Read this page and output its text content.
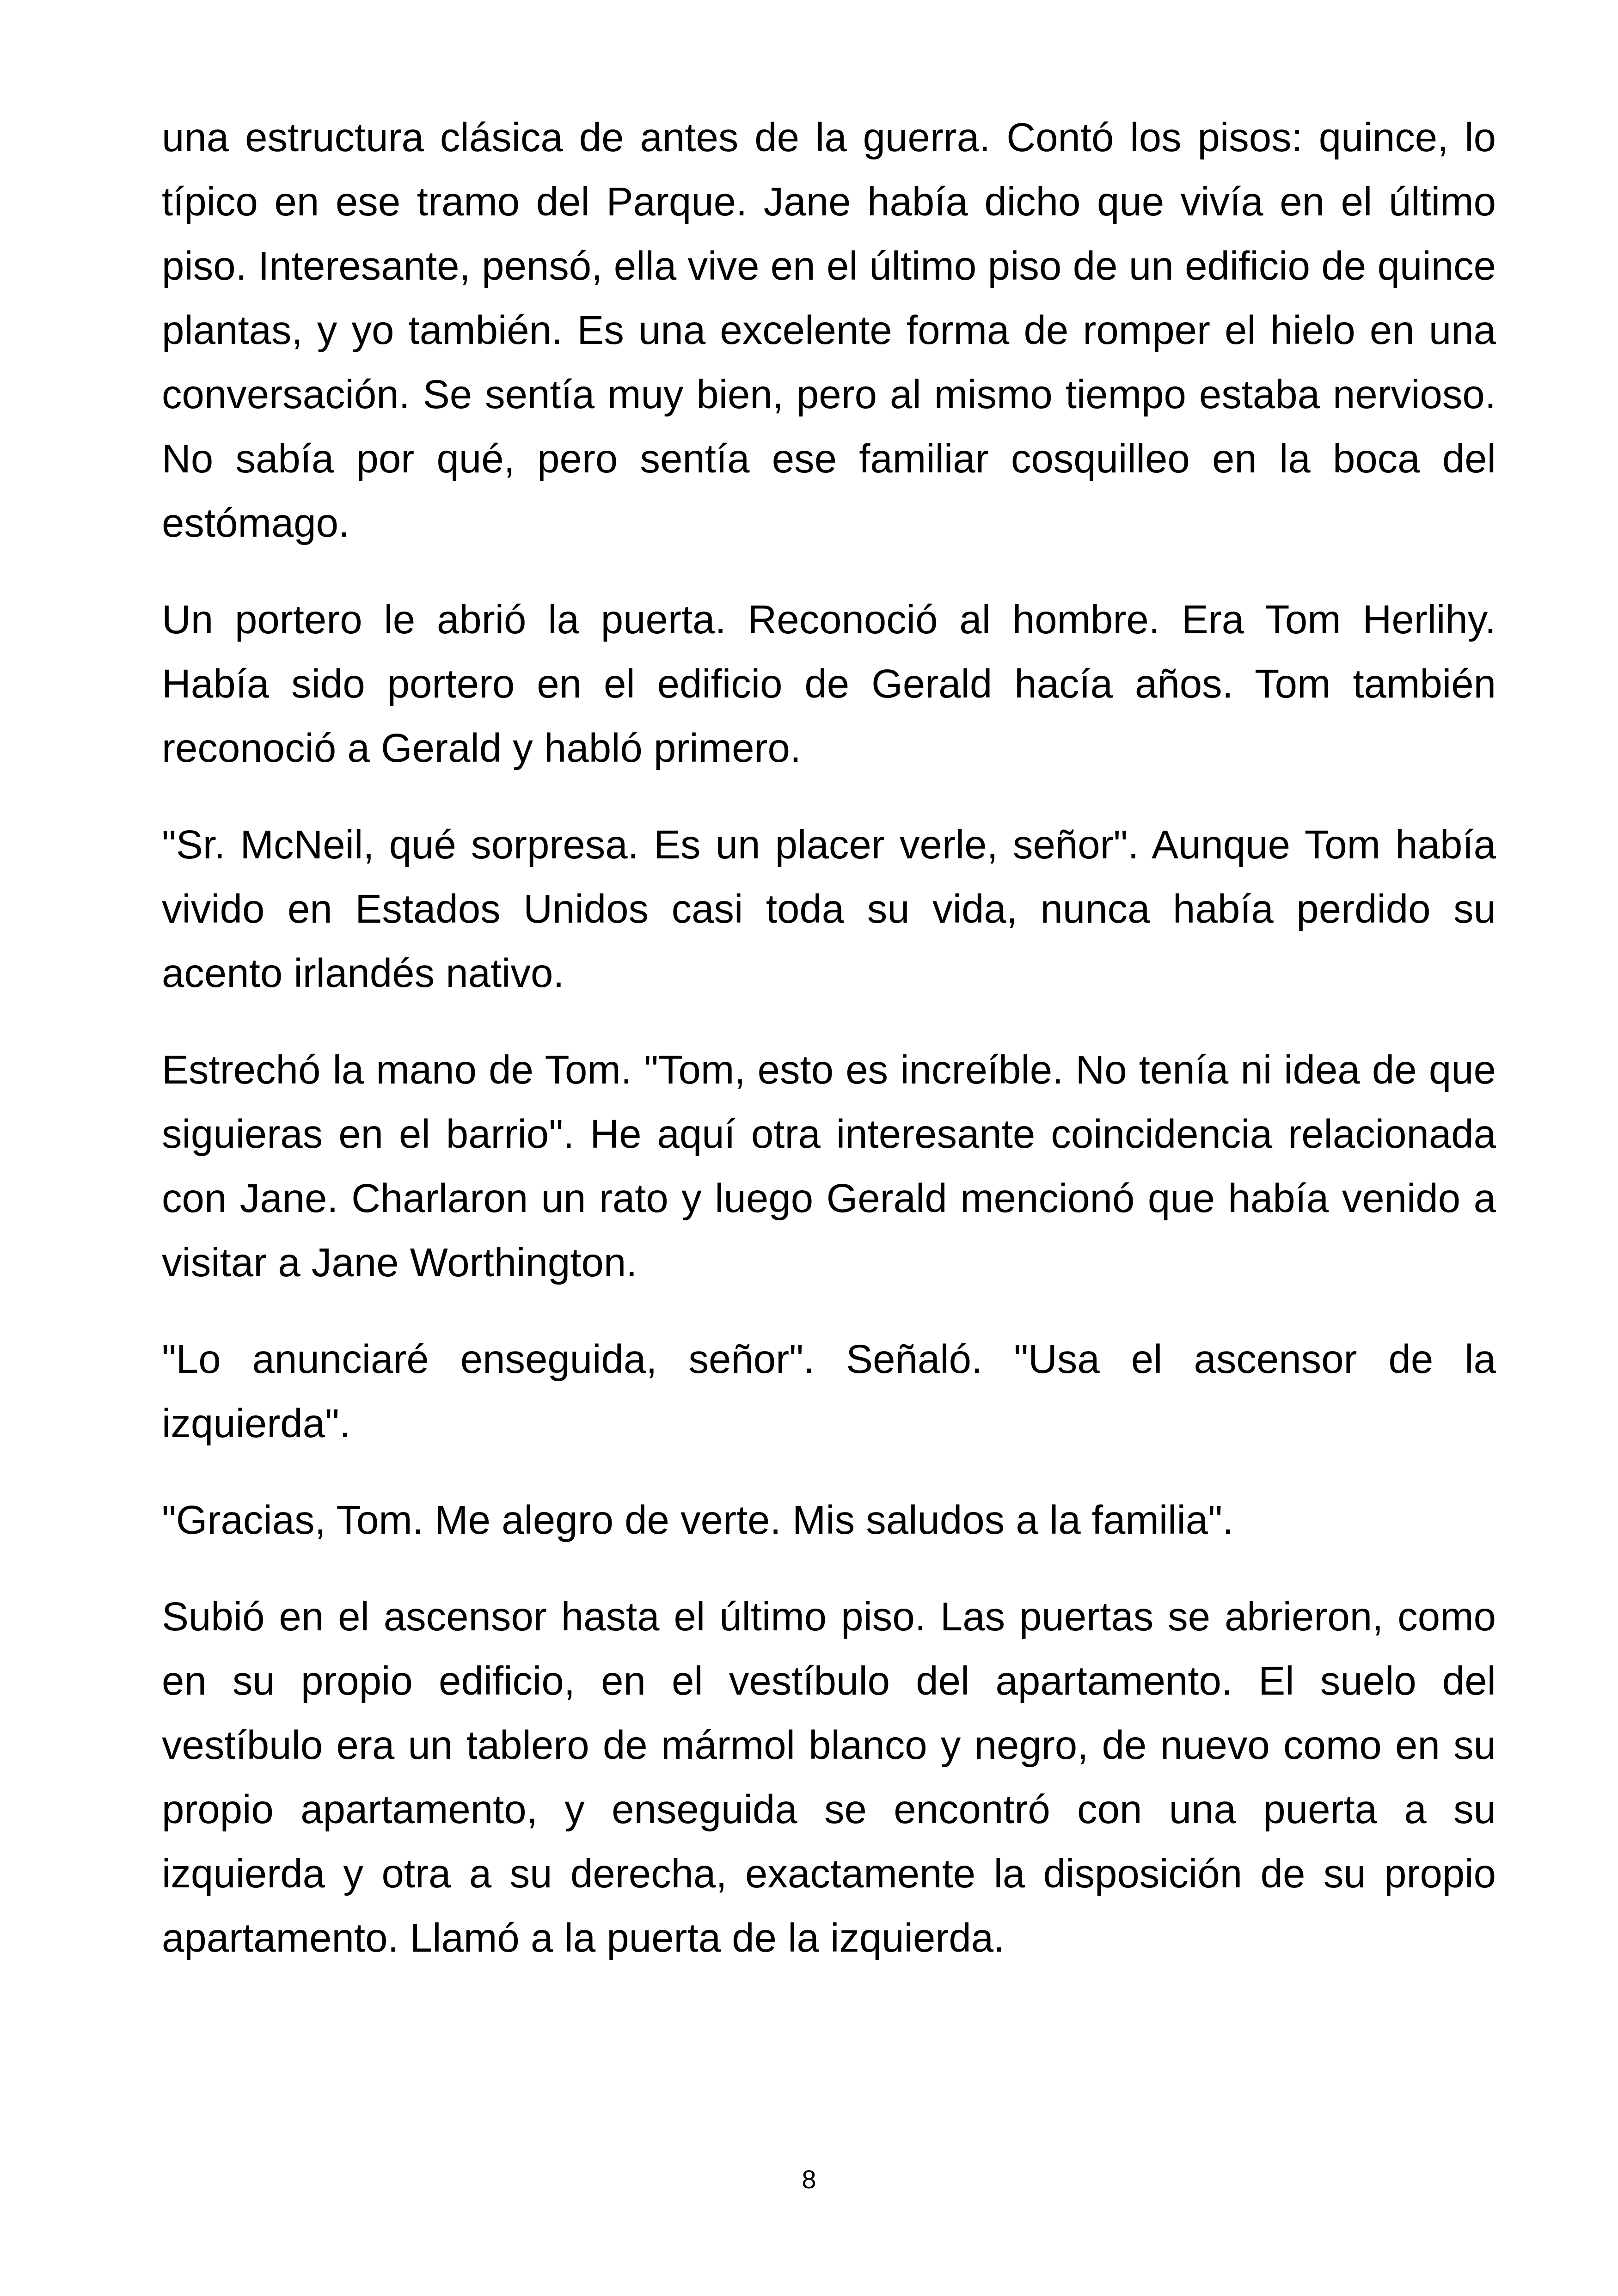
una estructura clásica de antes de la guerra. Contó los pisos: quince, lo típico en ese tramo del Parque. Jane había dicho que vivía en el último piso. Interesante, pensó, ella vive en el último piso de un edificio de quince plantas, y yo también. Es una excelente forma de romper el hielo en una conversación. Se sentía muy bien, pero al mismo tiempo estaba nervioso. No sabía por qué, pero sentía ese familiar cosquilleo en la boca del estómago.

Un portero le abrió la puerta. Reconoció al hombre. Era Tom Herlihy. Había sido portero en el edificio de Gerald hacía años. Tom también reconoció a Gerald y habló primero.

"Sr. McNeil, qué sorpresa. Es un placer verle, señor". Aunque Tom había vivido en Estados Unidos casi toda su vida, nunca había perdido su acento irlandés nativo.

Estrechó la mano de Tom. "Tom, esto es increíble. No tenía ni idea de que siguieras en el barrio". He aquí otra interesante coincidencia relacionada con Jane. Charlaron un rato y luego Gerald mencionó que había venido a visitar a Jane Worthington.

"Lo anunciaré enseguida, señor". Señaló. "Usa el ascensor de la izquierda".

"Gracias, Tom. Me alegro de verte. Mis saludos a la familia".

Subió en el ascensor hasta el último piso. Las puertas se abrieron, como en su propio edificio, en el vestíbulo del apartamento. El suelo del vestíbulo era un tablero de mármol blanco y negro, de nuevo como en su propio apartamento, y enseguida se encontró con una puerta a su izquierda y otra a su derecha, exactamente la disposición de su propio apartamento. Llamó a la puerta de la izquierda.

8
